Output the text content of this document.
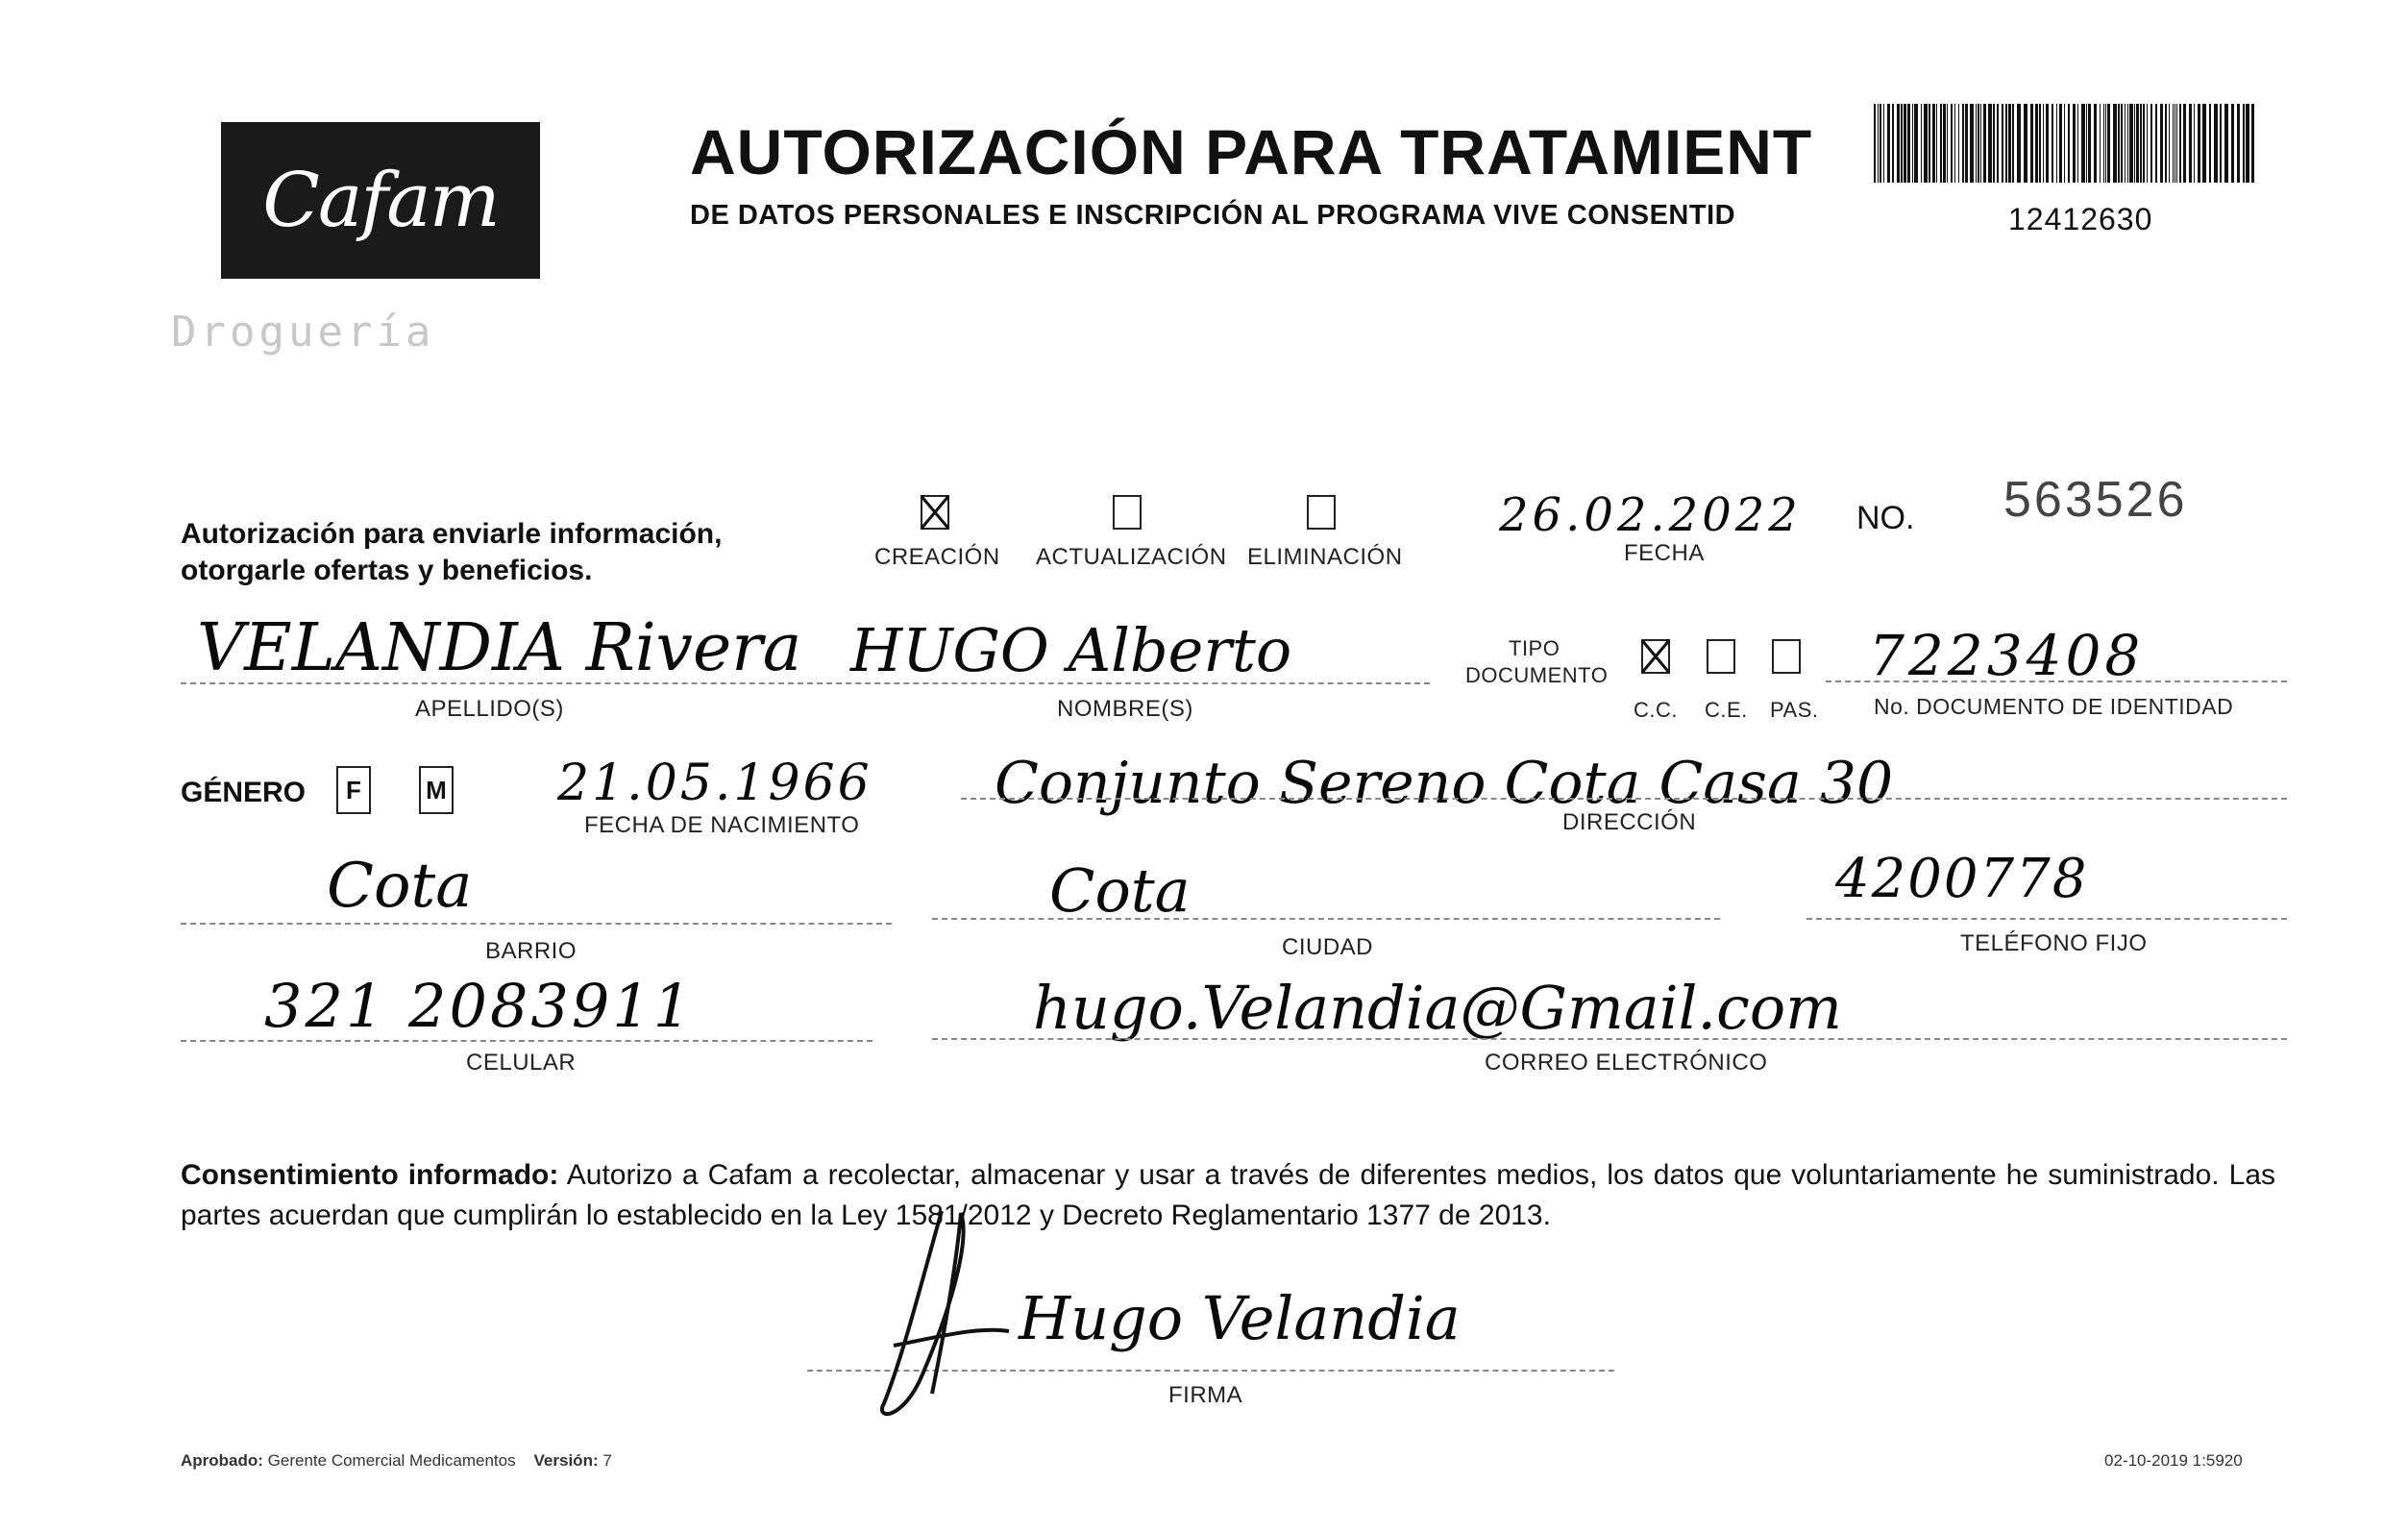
Cafam
Droguería
AUTORIZACIÓN PARA TRATAMIENT
DE DATOS PERSONALES E INSCRIPCIÓN AL PROGRAMA VIVE CONSENTID	12412630
Autorización para enviarle información,
otorgarle ofertas y beneficios.	CREACIÓN ACTUALIZACIÓN ELIMINACIÓN
26.02.2022
FECHA
NO. 563526
VELANDIA Rivera HUGO Alberto
APELLIDO(S)	NOMBRE(S)
TIPO
DOCUMENTO
C.C. C.E. PAS.
7223408
No. DOCUMENTO DE IDENTIDAD
GÉNERO F	M 21.05.1966
FECHA DE NACIMIENTO
Conjunto Sereno Cota Casa 30
DIRECCIÓN
Cota
BARRIO
Cota
CIUDAD
4200778
TELÉFONO FIJO
321 2083911
CELULAR
hugo.Velandia@Gmail.com
CORREO ELECTRÓNICO
Consentimiento informado: Autorizo a Cafam a recolectar, almacenar y usar a través de diferentes medios, los datos que voluntariamente he suministrado. Las partes acuerdan que cumplirán lo establecido en la Ley 1581/2012 y Decreto Reglamentario 1377 de 2013.
Hugo Velandia
FIRMA
Aprobado: Gerente Comercial Medicamentos Versión: 7	02-10-2019 1:5920
